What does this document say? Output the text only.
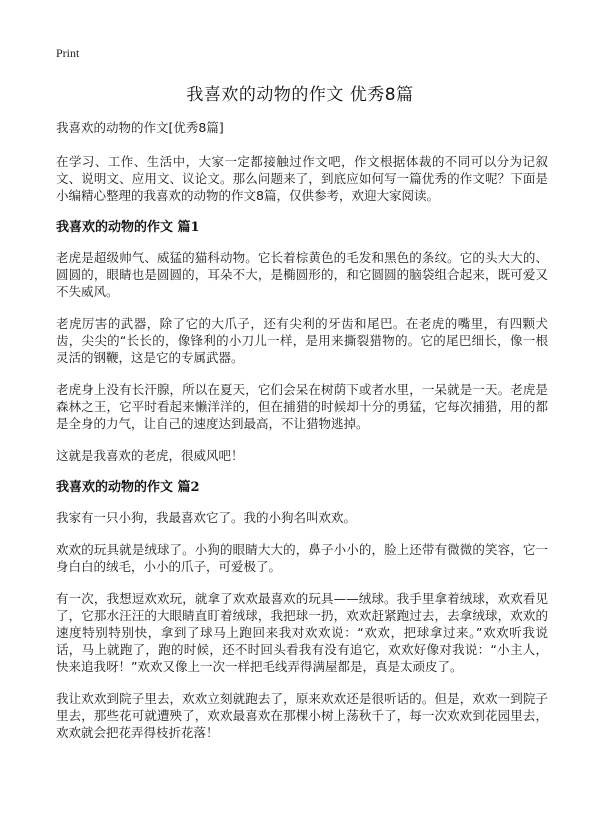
Print
我喜欢的动物的作文 优秀8篇
我喜欢的动物的作文[优秀8篇]

在学习、工作、生活中，大家一定都接触过作文吧，作文根据体裁的不同可以分为记叙文、说明文、应用文、议论文。那么问题来了，到底应如何写一篇优秀的作文呢？下面是小编精心整理的我喜欢的动物的作文8篇，仅供参考，欢迎大家阅读。

我喜欢的动物的作文 篇1

老虎是超级帅气、威猛的猫科动物。它长着棕黄色的毛发和黑色的条纹。它的头大大的、圆圆的，眼睛也是圆圆的，耳朵不大，是椭圆形的，和它圆圆的脑袋组合起来，既可爱又不失威风。

老虎厉害的武器，除了它的大爪子，还有尖利的牙齿和尾巴。在老虎的嘴里，有四颗犬齿，尖尖的“长长的，像锋利的小刀儿一样，是用来撕裂猎物的。它的尾巴细长，像一根灵活的钢鞭，这是它的专属武器。

老虎身上没有长汗腺，所以在夏天，它们会呆在树荫下或者水里，一呆就是一天。老虎是森林之王，它平时看起来懒洋洋的，但在捕猎的时候却十分的勇猛，它每次捕猎，用的都是全身的力气，让自己的速度达到最高，不让猎物逃掉。

这就是我喜欢的老虎，很威风吧！

我喜欢的动物的作文 篇2

我家有一只小狗，我最喜欢它了。我的小狗名叫欢欢。

欢欢的玩具就是绒球了。小狗的眼睛大大的，鼻子小小的，脸上还带有微微的笑容，它一身白白的绒毛，小小的爪子，可爱极了。

有一次，我想逗欢欢玩，就拿了欢欢最喜欢的玩具——绒球。我手里拿着绒球，欢欢看见了，它那水汪汪的大眼睛直盯着绒球，我把球一扔，欢欢赶紧跑过去，去拿绒球，欢欢的速度特别特别快，拿到了球马上跑回来我对欢欢说：“欢欢，把球拿过来。”欢欢听我说话，马上就跑了，跑的时候，还不时回头看我有没有追它，欢欢好像对我说：“小主人，快来追我呀！”欢欢又像上一次一样把毛线弄得满屋都是，真是太顽皮了。

我让欢欢到院子里去，欢欢立刻就跑去了，原来欢欢还是很听话的。但是，欢欢一到院子里去，那些花可就遭殃了，欢欢最喜欢在那棵小树上荡秋千了，每一次欢欢到花园里去，欢欢就会把花弄得枝折花落！
